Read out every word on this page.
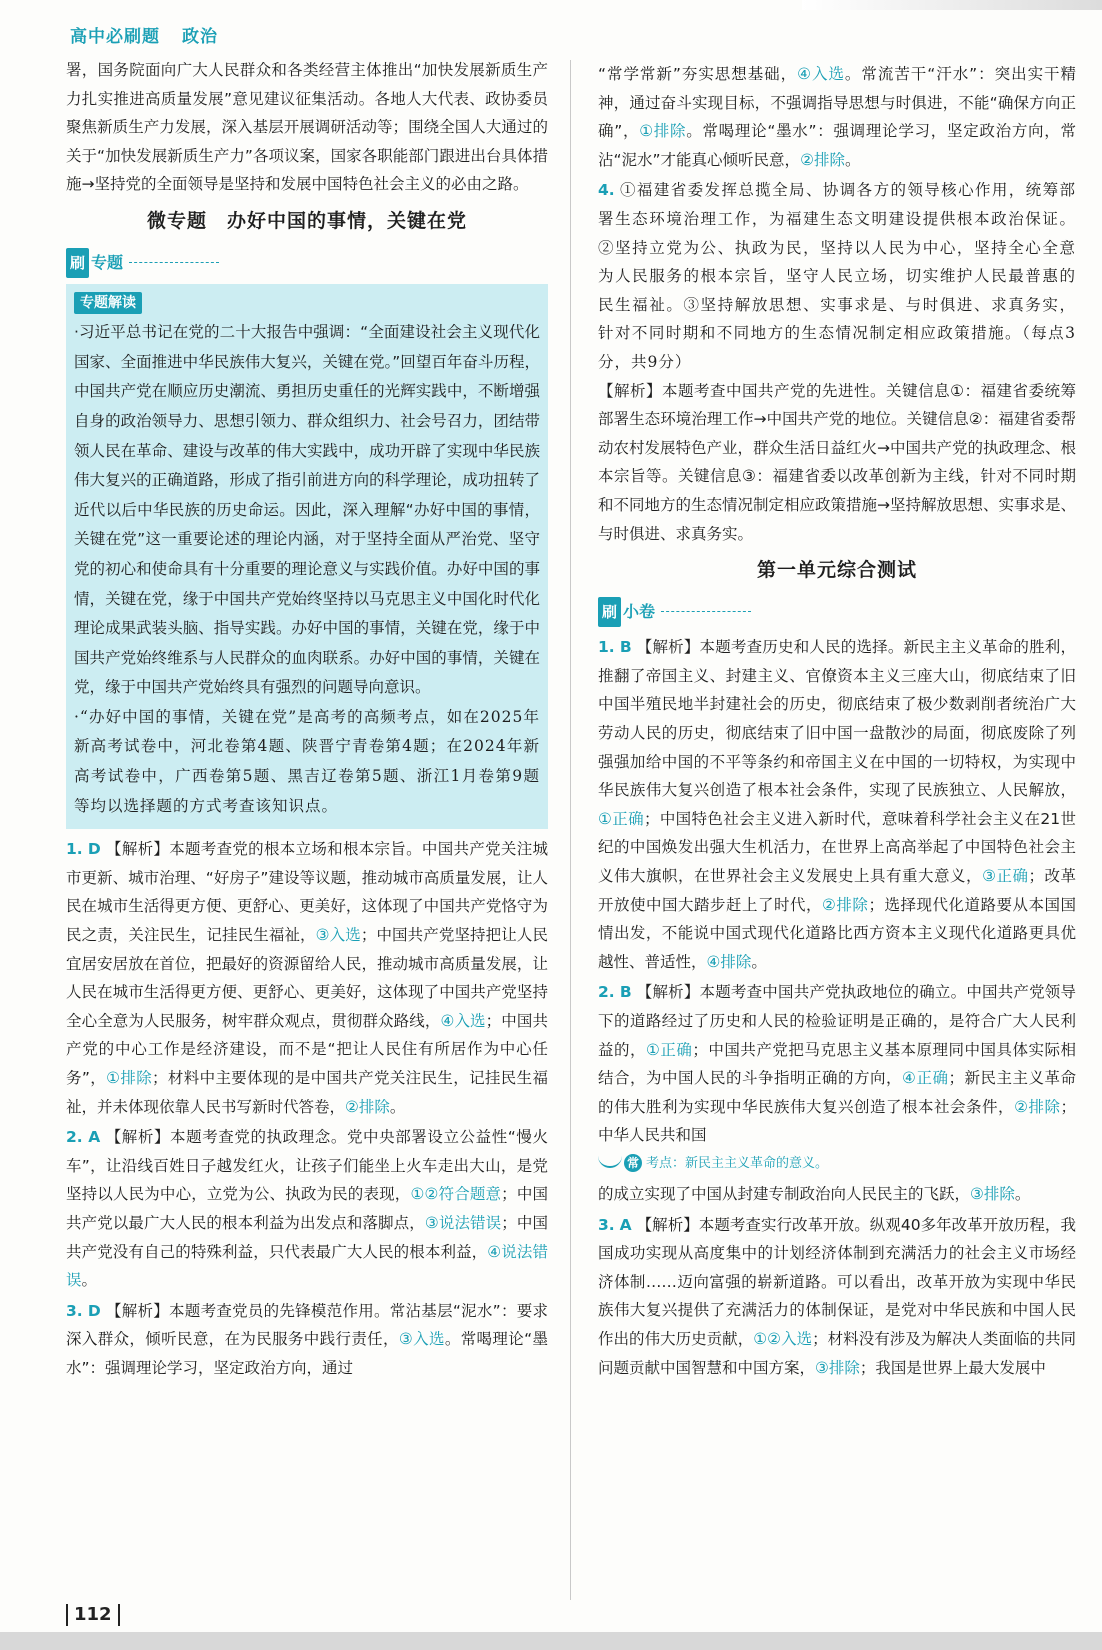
高中必刷题 政治

署，国务院面向广大人民群众和各类经营主体推出“加快发展新质生产力扎实推进高质量发展”意见建议征集活动。各地人大代表、政协委员聚焦新质生产力发展，深入基层开展调研活动等；围绕全国人大通过的关于“加快发展新质生产力”各项议案，国家各职能部门跟进出台具体措施→坚持党的全面领导是坚持和发展中国特色社会主义的必由之路。

微专题　办好中国的事情，关键在党
刷 专题
专题解读

·习近平总书记在党的二十大报告中强调：“全面建设社会主义现代化国家、全面推进中华民族伟大复兴，关键在党。”回望百年奋斗历程，中国共产党在顺应历史潮流、勇担历史重任的光辉实践中，不断增强自身的政治领导力、思想引领力、群众组织力、社会号召力，团结带领人民在革命、建设与改革的伟大实践中，成功开辟了实现中华民族伟大复兴的正确道路，形成了指引前进方向的科学理论，成功扭转了近代以后中华民族的历史命运。因此，深入理解“办好中国的事情，关键在党”这一重要论述的理论内涵，对于坚持全面从严治党、坚守党的初心和使命具有十分重要的理论意义与实践价值。办好中国的事情，关键在党，缘于中国共产党始终坚持以马克思主义中国化时代化理论成果武装头脑、指导实践。办好中国的事情，关键在党，缘于中国共产党始终维系与人民群众的血肉联系。办好中国的事情，关键在党，缘于中国共产党始终具有强烈的问题导向意识。

·“办好中国的事情，关键在党”是高考的高频考点，如在2025年新高考试卷中，河北卷第4题、陕晋宁青卷第4题；在2024年新高考试卷中，广西卷第5题、黑吉辽卷第5题、浙江1月卷第9题等均以选择题的方式考查该知识点。

1. D 【解析】本题考查党的根本立场和根本宗旨。中国共产党关注城市更新、城市治理、“好房子”建设等议题，推动城市高质量发展，让人民在城市生活得更方便、更舒心、更美好，这体现了中国共产党恪守为民之责，关注民生，记挂民生福祉，③入选；中国共产党坚持把让人民宜居安居放在首位，把最好的资源留给人民，推动城市高质量发展，让人民在城市生活得更方便、更舒心、更美好，这体现了中国共产党坚持全心全意为人民服务，树牢群众观点，贯彻群众路线，④入选；中国共产党的中心工作是经济建设，而不是“把让人民住有所居作为中心任务”，①排除；材料中主要体现的是中国共产党关注民生，记挂民生福祉，并未体现依靠人民书写新时代答卷，②排除。

2. A 【解析】本题考查党的执政理念。党中央部署设立公益性“慢火车”，让沿线百姓日子越发红火，让孩子们能坐上火车走出大山，是党坚持以人民为中心，立党为公、执政为民的表现，①②符合题意；中国共产党以最广大人民的根本利益为出发点和落脚点，③说法错误；中国共产党没有自己的特殊利益，只代表最广大人民的根本利益，④说法错误。

3. D 【解析】本题考查党员的先锋模范作用。常沾基层“泥水”：要求深入群众，倾听民意，在为民服务中践行责任，③入选。常喝理论“墨水”：强调理论学习，坚定政治方向，通过

“常学常新”夯实思想基础，④入选。常流苦干“汗水”：突出实干精神，通过奋斗实现目标，不强调指导思想与时俱进，不能“确保方向正确”，①排除。常喝理论“墨水”：强调理论学习，坚定政治方向，常沾“泥水”才能真心倾听民意，②排除。

4. ①福建省委发挥总揽全局、协调各方的领导核心作用，统筹部署生态环境治理工作，为福建生态文明建设提供根本政治保证。②坚持立党为公、执政为民，坚持以人民为中心，坚持全心全意为人民服务的根本宗旨，坚守人民立场，切实维护人民最普惠的民生福祉。③坚持解放思想、实事求是、与时俱进、求真务实，针对不同时期和不同地方的生态情况制定相应政策措施。（每点3分，共9分）

【解析】本题考查中国共产党的先进性。关键信息①：福建省委统筹部署生态环境治理工作→中国共产党的地位。关键信息②：福建省委帮动农村发展特色产业，群众生活日益红火→中国共产党的执政理念、根本宗旨等。关键信息③：福建省委以改革创新为主线，针对不同时期和不同地方的生态情况制定相应政策措施→坚持解放思想、实事求是、与时俱进、求真务实。

第一单元综合测试
刷 小卷

1. B 【解析】本题考查历史和人民的选择。新民主主义革命的胜利，推翻了帝国主义、封建主义、官僚资本主义三座大山，彻底结束了旧中国半殖民地半封建社会的历史，彻底结束了极少数剥削者统治广大劳动人民的历史，彻底结束了旧中国一盘散沙的局面，彻底废除了列强强加给中国的不平等条约和帝国主义在中国的一切特权，为实现中华民族伟大复兴创造了根本社会条件，实现了民族独立、人民解放，①正确；中国特色社会主义进入新时代，意味着科学社会主义在21世纪的中国焕发出强大生机活力，在世界上高高举起了中国特色社会主义伟大旗帜，在世界社会主义发展史上具有重大意义，③正确；改革开放使中国大踏步赶上了时代，②排除；选择现代化道路要从本国国情出发，不能说中国式现代化道路比西方资本主义现代化道路更具优越性、普适性，④排除。

2. B 【解析】本题考查中国共产党执政地位的确立。中国共产党领导下的道路经过了历史和人民的检验证明是正确的，是符合广大人民利益的，①正确；中国共产党把马克思主义基本原理同中国具体实际相结合，为中国人民的斗争指明正确的方向，④正确；新民主主义革命的伟大胜利为实现中华民族伟大复兴创造了根本社会条件，②排除；中华人民共和国

常 考点：新民主主义革命的意义。

的成立实现了中国从封建专制政治向人民民主的飞跃，③排除。

3. A 【解析】本题考查实行改革开放。纵观40多年改革开放历程，我国成功实现从高度集中的计划经济体制到充满活力的社会主义市场经济体制……迈向富强的崭新道路。可以看出，改革开放为实现中华民族伟大复兴提供了充满活力的体制保证，是党对中华民族和中国人民作出的伟大历史贡献，①②入选；材料没有涉及为解决人类面临的共同问题贡献中国智慧和中国方案，③排除；我国是世界上最大发展中

112
